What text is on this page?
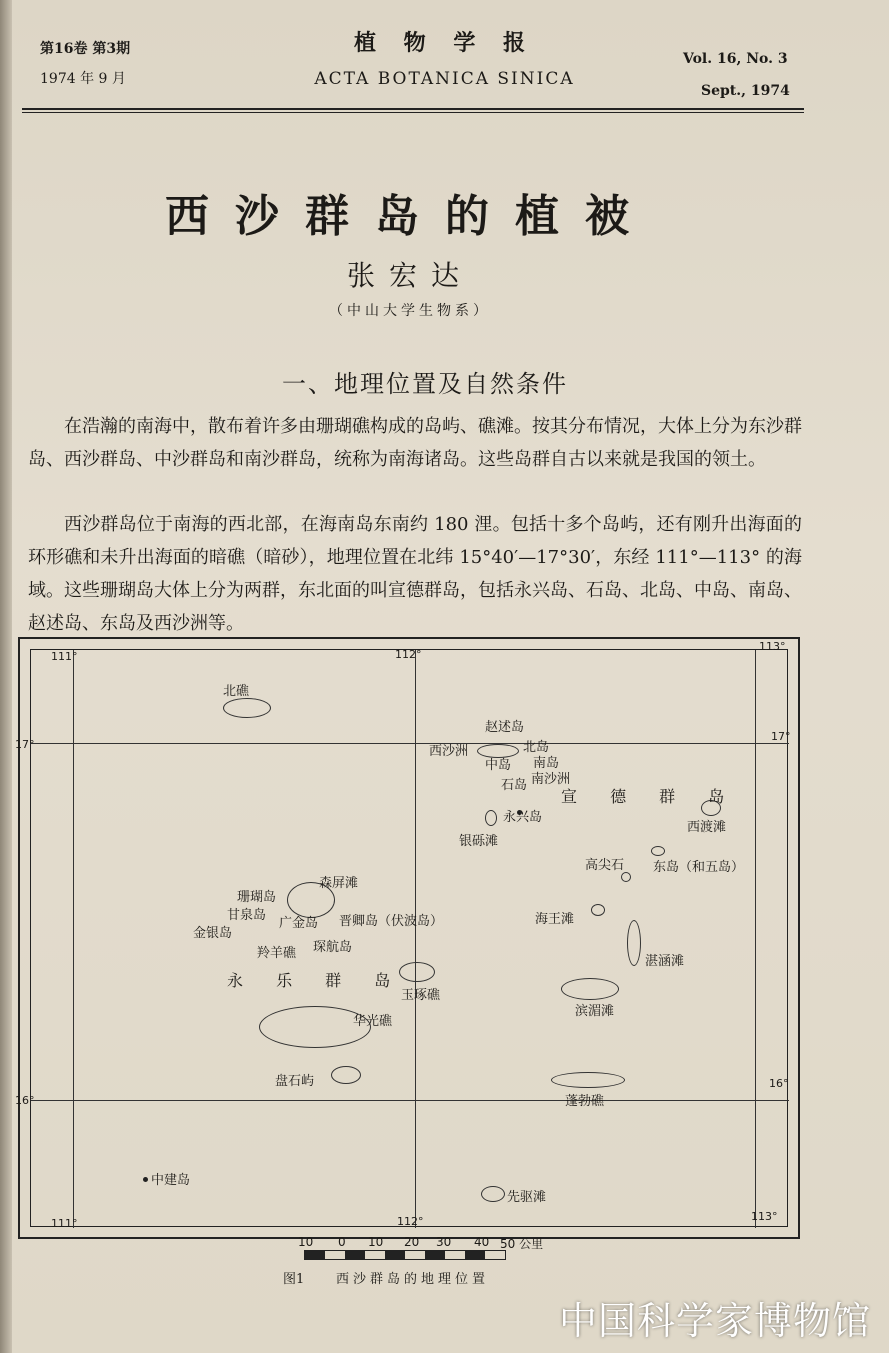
第16卷 第3期
1974 年 9 月
植 物 学 报
ACTA BOTANICA SINICA
Vol. 16, No. 3
Sept., 1974
西沙群岛的植被
张宏达
（中山大学生物系）
一、地理位置及自然条件

在浩瀚的南海中，散布着许多由珊瑚礁构成的岛屿、礁滩。按其分布情况，大体上分为东沙群岛、西沙群岛、中沙群岛和南沙群岛，统称为南海诸岛。这些岛群自古以来就是我国的领土。

西沙群岛位于南海的西北部，在海南岛东南约 180 浬。包括十多个岛屿，还有刚升出海面的环形礁和未升出海面的暗礁（暗砂），地理位置在北纬 15°40′—17°30′，东经 111°—113° 的海域。这些珊瑚岛大体上分为两群，东北面的叫宣德群岛，包括永兴岛、石岛、北岛、中岛、南岛、赵述岛、东岛及西沙洲等。

111°	112°
113°
111°	112°	113°
17°
17°
16°
16°
北礁
赵述岛
西沙洲	北岛
中岛 南岛
南沙洲
石岛
宣 德 群 岛
永兴岛
银砾滩
西渡滩
高尖石 东岛（和五岛）
森屏滩
珊瑚岛
甘泉岛
广金岛 晋卿岛（伏波岛）
金银岛
羚羊礁 琛航岛
海王滩
湛涵滩
永 乐 群 岛
玉琢礁
滨湄滩
华光礁
盘石屿
蓬勃礁
中建岛
先驱滩
10 0 10 20 30 40 50 公里
图1 西沙群岛的地理位置
中国科学家博物馆
